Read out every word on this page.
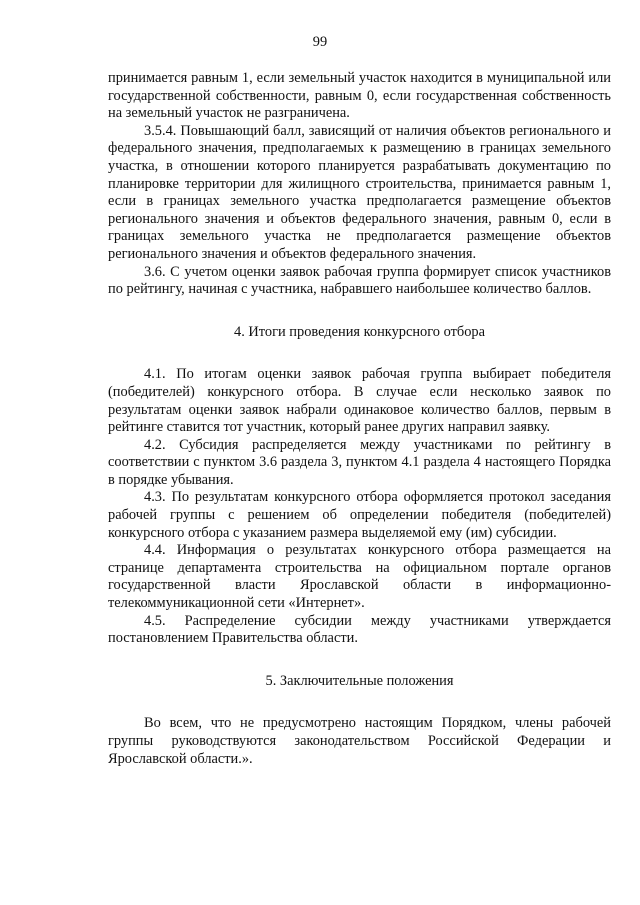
99

принимается равным 1, если земельный участок находится в муниципальной или государственной собственности, равным 0, если государственная собственность на земельный участок не разграничена.

3.5.4. Повышающий балл, зависящий от наличия объектов регионального и федерального значения, предполагаемых к размещению в границах земельного участка, в отношении которого планируется разрабатывать документацию по планировке территории для жилищного строительства, принимается равным 1, если в границах земельного участка предполагается размещение объектов регионального значения и объектов федерального значения, равным 0, если в границах земельного участка не предполагается размещение объектов регионального значения и объектов федерального значения.

3.6. С учетом оценки заявок рабочая группа формирует список участников по рейтингу, начиная с участника, набравшего наибольшее количество баллов.

4. Итоги проведения конкурсного отбора

4.1. По итогам оценки заявок рабочая группа выбирает победителя (победителей) конкурсного отбора. В случае если несколько заявок по результатам оценки заявок набрали одинаковое количество баллов, первым в рейтинге ставится тот участник, который ранее других направил заявку.

4.2. Субсидия распределяется между участниками по рейтингу в соответствии с пунктом 3.6 раздела 3, пунктом 4.1 раздела 4 настоящего Порядка в порядке убывания.

4.3. По результатам конкурсного отбора оформляется протокол заседания рабочей группы с решением об определении победителя (победителей) конкурсного отбора с указанием размера выделяемой ему (им) субсидии.

4.4. Информация о результатах конкурсного отбора размещается на странице департамента строительства на официальном портале органов государственной власти Ярославской области в информационно-телекоммуникационной сети «Интернет».

4.5. Распределение субсидии между участниками утверждается постановлением Правительства области.

5. Заключительные положения

Во всем, что не предусмотрено настоящим Порядком, члены рабочей группы руководствуются законодательством Российской Федерации и Ярославской области.».
